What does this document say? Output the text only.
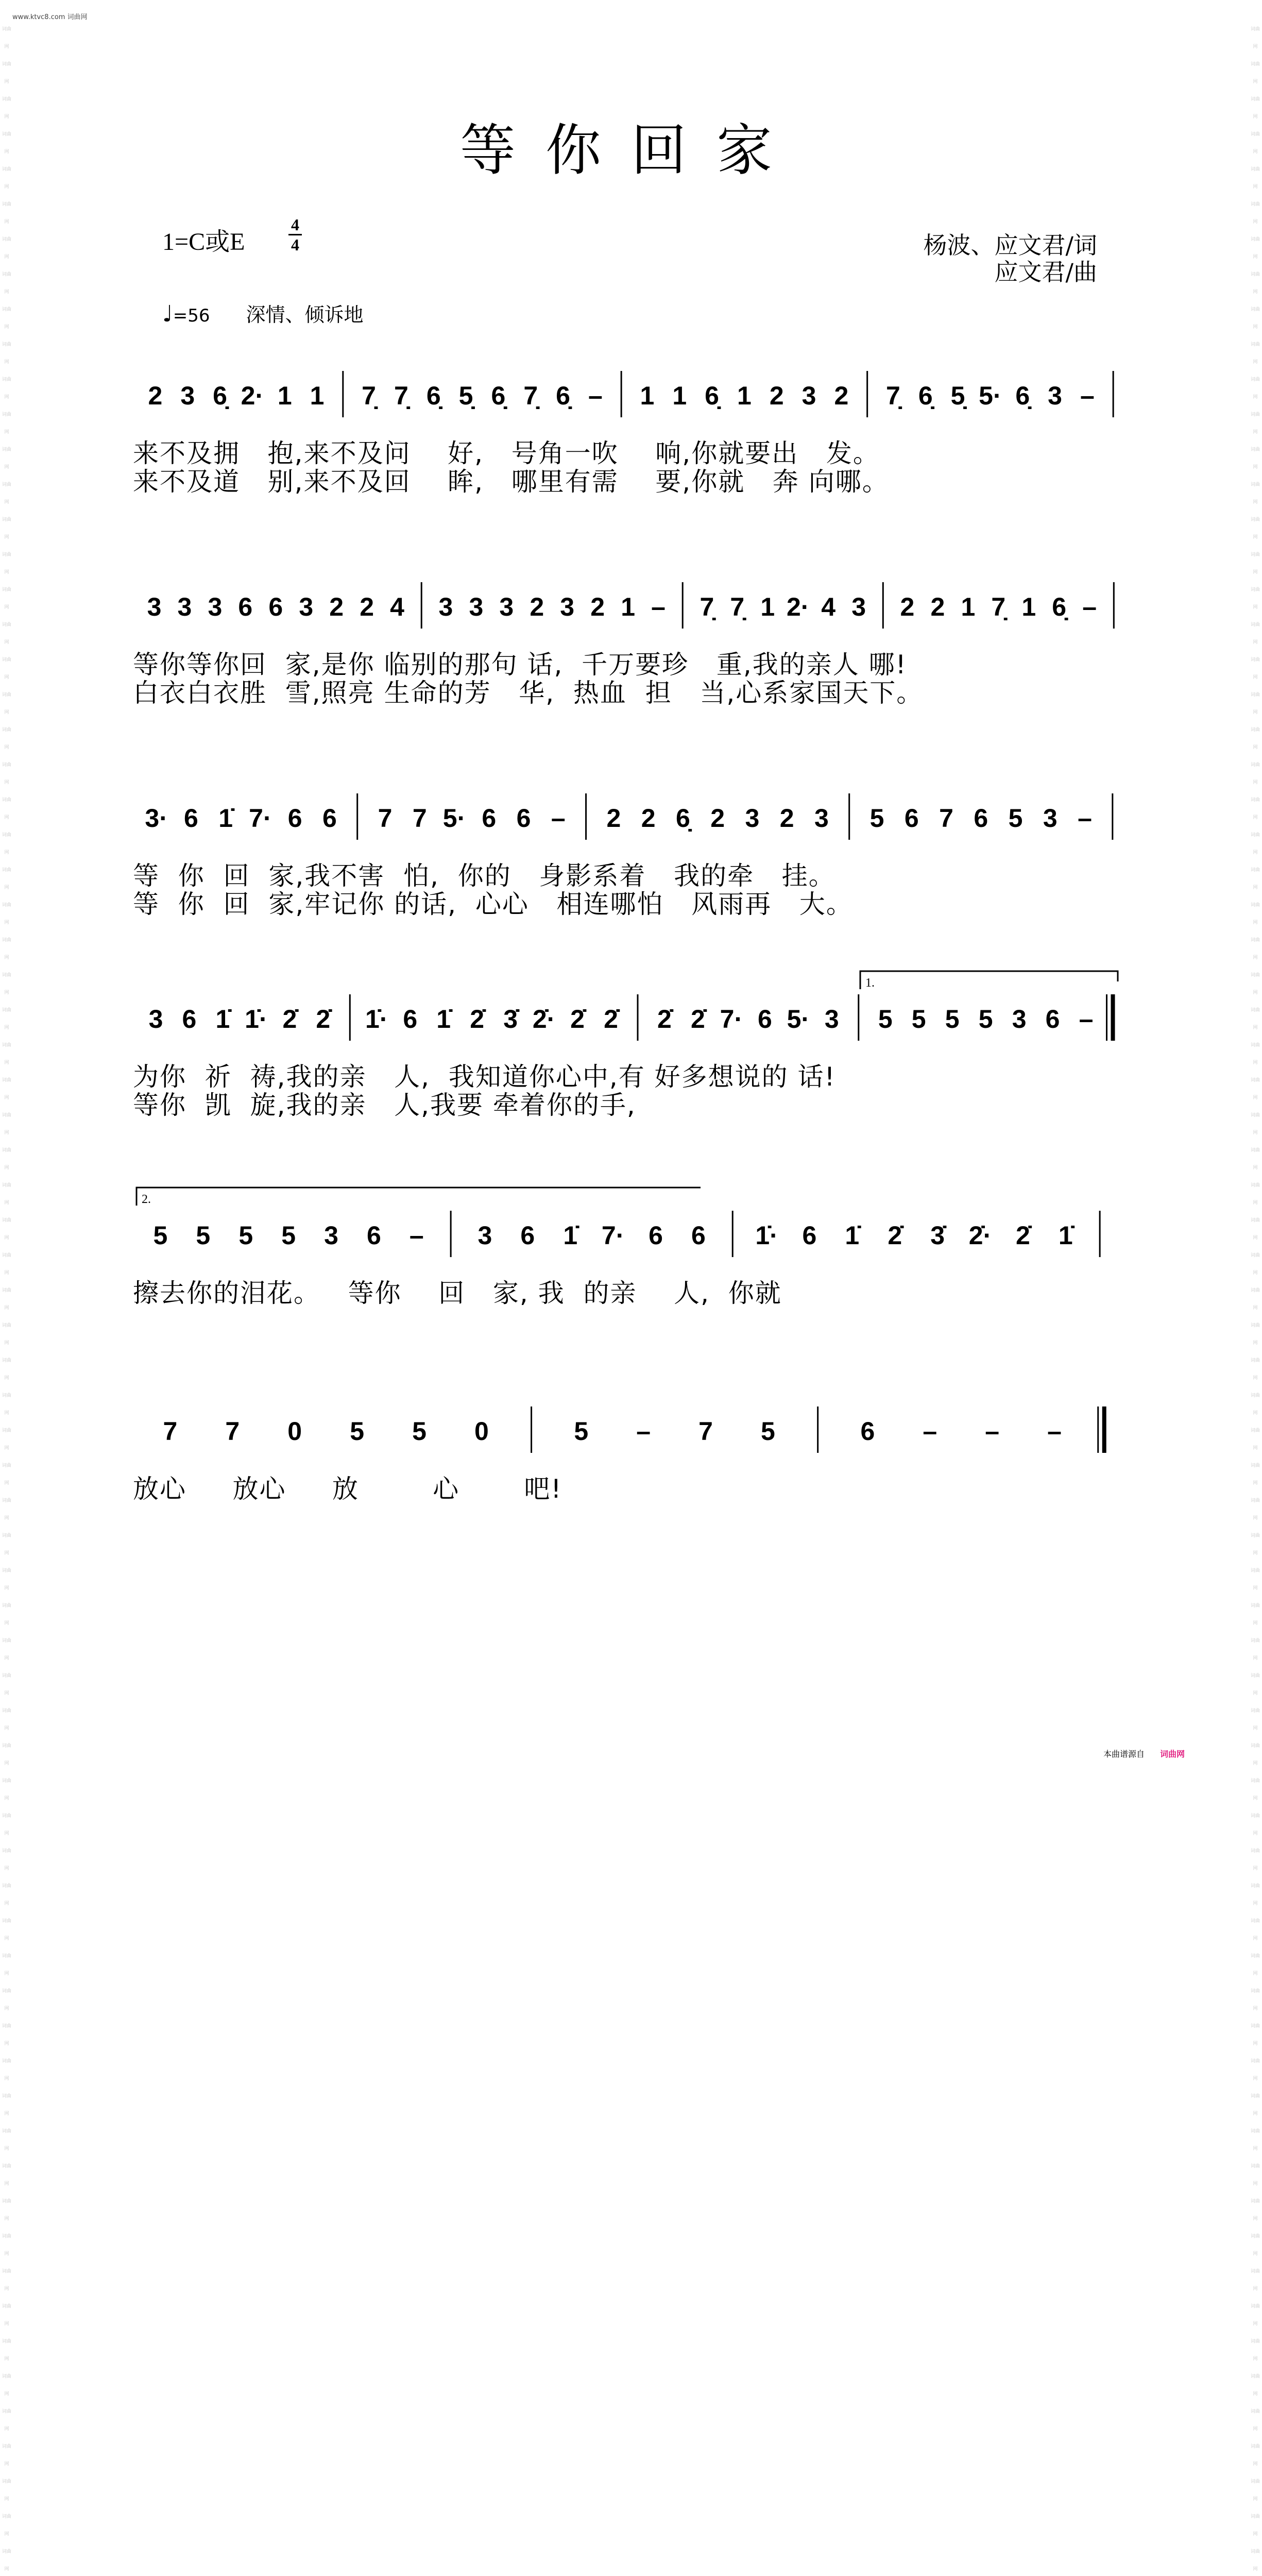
www.ktvc8.com 词曲网
词曲网 词曲网 词曲网 词曲网 词曲网 词曲网 词曲网 词曲网 词曲网 词曲网 词曲网 词曲网 词曲网 词曲网 词曲网 词曲网 词曲网 词曲网 词曲网 词曲网 词曲网 词曲网 词曲网 词曲网 词曲网 词曲网 词曲网 词曲网 词曲网 词曲网 词曲网 词曲网 词曲网 词曲网 词曲网 词曲网 词曲网 词曲网 词曲网 词曲网 词曲网 词曲网 词曲网 词曲网 词曲网 词曲网 词曲网 词曲网 词曲网 词曲网 词曲网 词曲网 词曲网 词曲网 词曲网 词曲网 词曲网 词曲网 词曲网 词曲网 词曲网 词曲网 词曲网 词曲网 词曲网 词曲网 词曲网 词曲网 词曲网 词曲网 词曲网 词曲网 词曲网
词曲网 词曲网 词曲网 词曲网 词曲网 词曲网 词曲网 词曲网 词曲网 词曲网 词曲网 词曲网 词曲网 词曲网 词曲网 词曲网 词曲网 词曲网 词曲网 词曲网 词曲网 词曲网 词曲网 词曲网 词曲网 词曲网 词曲网 词曲网 词曲网 词曲网 词曲网 词曲网 词曲网 词曲网 词曲网 词曲网 词曲网 词曲网 词曲网 词曲网 词曲网 词曲网 词曲网 词曲网 词曲网 词曲网 词曲网 词曲网 词曲网 词曲网 词曲网 词曲网 词曲网 词曲网 词曲网 词曲网 词曲网 词曲网 词曲网 词曲网 词曲网 词曲网 词曲网 词曲网 词曲网 词曲网 词曲网 词曲网 词曲网 词曲网 词曲网 词曲网 词曲网
等你回家
1=C或E
4
4	杨波、应文君/词
应文君/曲
♩=56 深情、倾诉地
2 3 6̣ 2· 1 1 7̣ 7̣ 6̣ 5̣ 6̣ 7̣ 6̣ – 1 1 6̣ 1 2 3 2 7̣ 6̣ 5̣ 5· 6̣ 3 –
来不及拥   抱,来不及问    好,   号角一吹    响,你就要出   发。
来不及道   别,来不及回    眸,   哪里有需    要,你就   奔 向哪。
3 3 3 6 6 3 2 2 4 3 3 3 2 3 2 1 – 7̣ 7̣ 1 2· 4 3 2 2 1 7̣ 1 6̣ –
等你等你回  家,是你 临别的那句 话,  千万要珍   重,我的亲人 哪!
白衣白衣胜  雪,照亮 生命的芳   华,  热血  担   当,心系家国天下。
3· 6 1̇ 7· 6 6 7 7 5· 6 6 – 2 2 6̣ 2 3 2 3 5 6 7 6 5 3 –
等  你  回  家,我不害  怕,  你的   身影系着   我的牵   挂。
等  你  回  家,牢记你 的话,  心心   相连哪怕   风雨再   大。
3 6 1̇ 1̇· 2̇ 2̇ 1̇· 6 1̇ 2̇ 3̇ 2̇· 2̇ 2̇ 2̇ 2̇ 7· 6 5· 3 5 5 5 5 3 6 –
1.
为你  祈  祷,我的亲   人,  我知道你心中,有 好多想说的 话!
等你  凯  旋,我的亲   人,我要 牵着你的手,
5 5 5 5 3 6 – 3 6 1̇ 7· 6 6 1̇· 6 1̇ 2̇ 3̇ 2̇· 2̇ 1̇
2.
擦去你的泪花。   等你    回   家, 我  的亲    人,  你就
7 7 0 5 5 0	5 – 7 5	6 – – –
放心     放心     放        心       吧!
本曲谱源自 词曲网
